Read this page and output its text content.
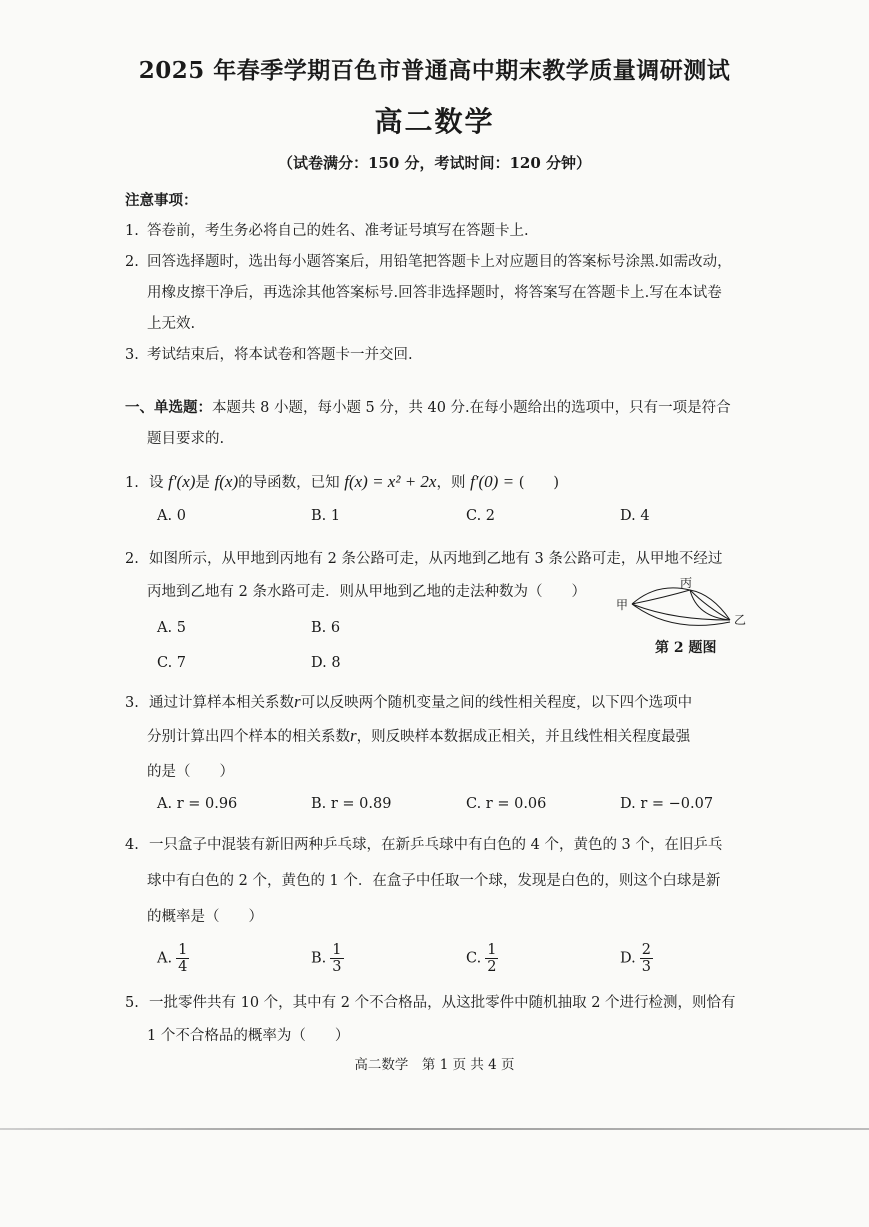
2025 年春季学期百色市普通高中期末教学质量调研测试
高二数学
（试卷满分：150 分，考试时间：120 分钟）
注意事项：
1. 答卷前，考生务必将自己的姓名、准考证号填写在答题卡上.
2. 回答选择题时，选出每小题答案后，用铅笔把答题卡上对应题目的答案标号涂黑.如需改动，
用橡皮擦干净后，再选涂其他答案标号.回答非选择题时，将答案写在答题卡上.写在本试卷
上无效.
3. 考试结束后，将本试卷和答题卡一并交回.
一、单选题：本题共 8 小题，每小题 5 分，共 40 分.在每小题给出的选项中，只有一项是符合
题目要求的.
1. 设 f′(x)是 f(x)的导函数，已知 f(x) = x² + 2x，则 f′(0) = (　　)
A. 0	B. 1	C. 2	D. 4
2. 如图所示，从甲地到丙地有 2 条公路可走，从丙地到乙地有 3 条公路可走，从甲地不经过
丙地到乙地有 2 条水路可走．则从甲地到乙地的走法种数为（　　）
A. 5	B. 6
C. 7	D. 8
甲
丙
乙
第 2 题图
3. 通过计算样本相关系数r可以反映两个随机变量之间的线性相关程度，以下四个选项中
分别计算出四个样本的相关系数r，则反映样本数据成正相关，并且线性相关程度最强
的是（　　）
A. r = 0.96	B. r = 0.89	C. r = 0.06	D. r = −0.07
4. 一只盒子中混装有新旧两种乒乓球，在新乒乓球中有白色的 4 个，黄色的 3 个，在旧乒乓
球中有白色的 2 个，黄色的 1 个．在盒子中任取一个球，发现是白色的，则这个白球是新
的概率是（　　）
A. $\frac{1}{4}$	B. $\frac{1}{3}$	C. $\frac{1}{2}$	D. $\frac{2}{3}$
5. 一批零件共有 10 个，其中有 2 个不合格品，从这批零件中随机抽取 2 个进行检测，则恰有
1 个不合格品的概率为（　　）
高二数学　第 1 页 共 4 页
